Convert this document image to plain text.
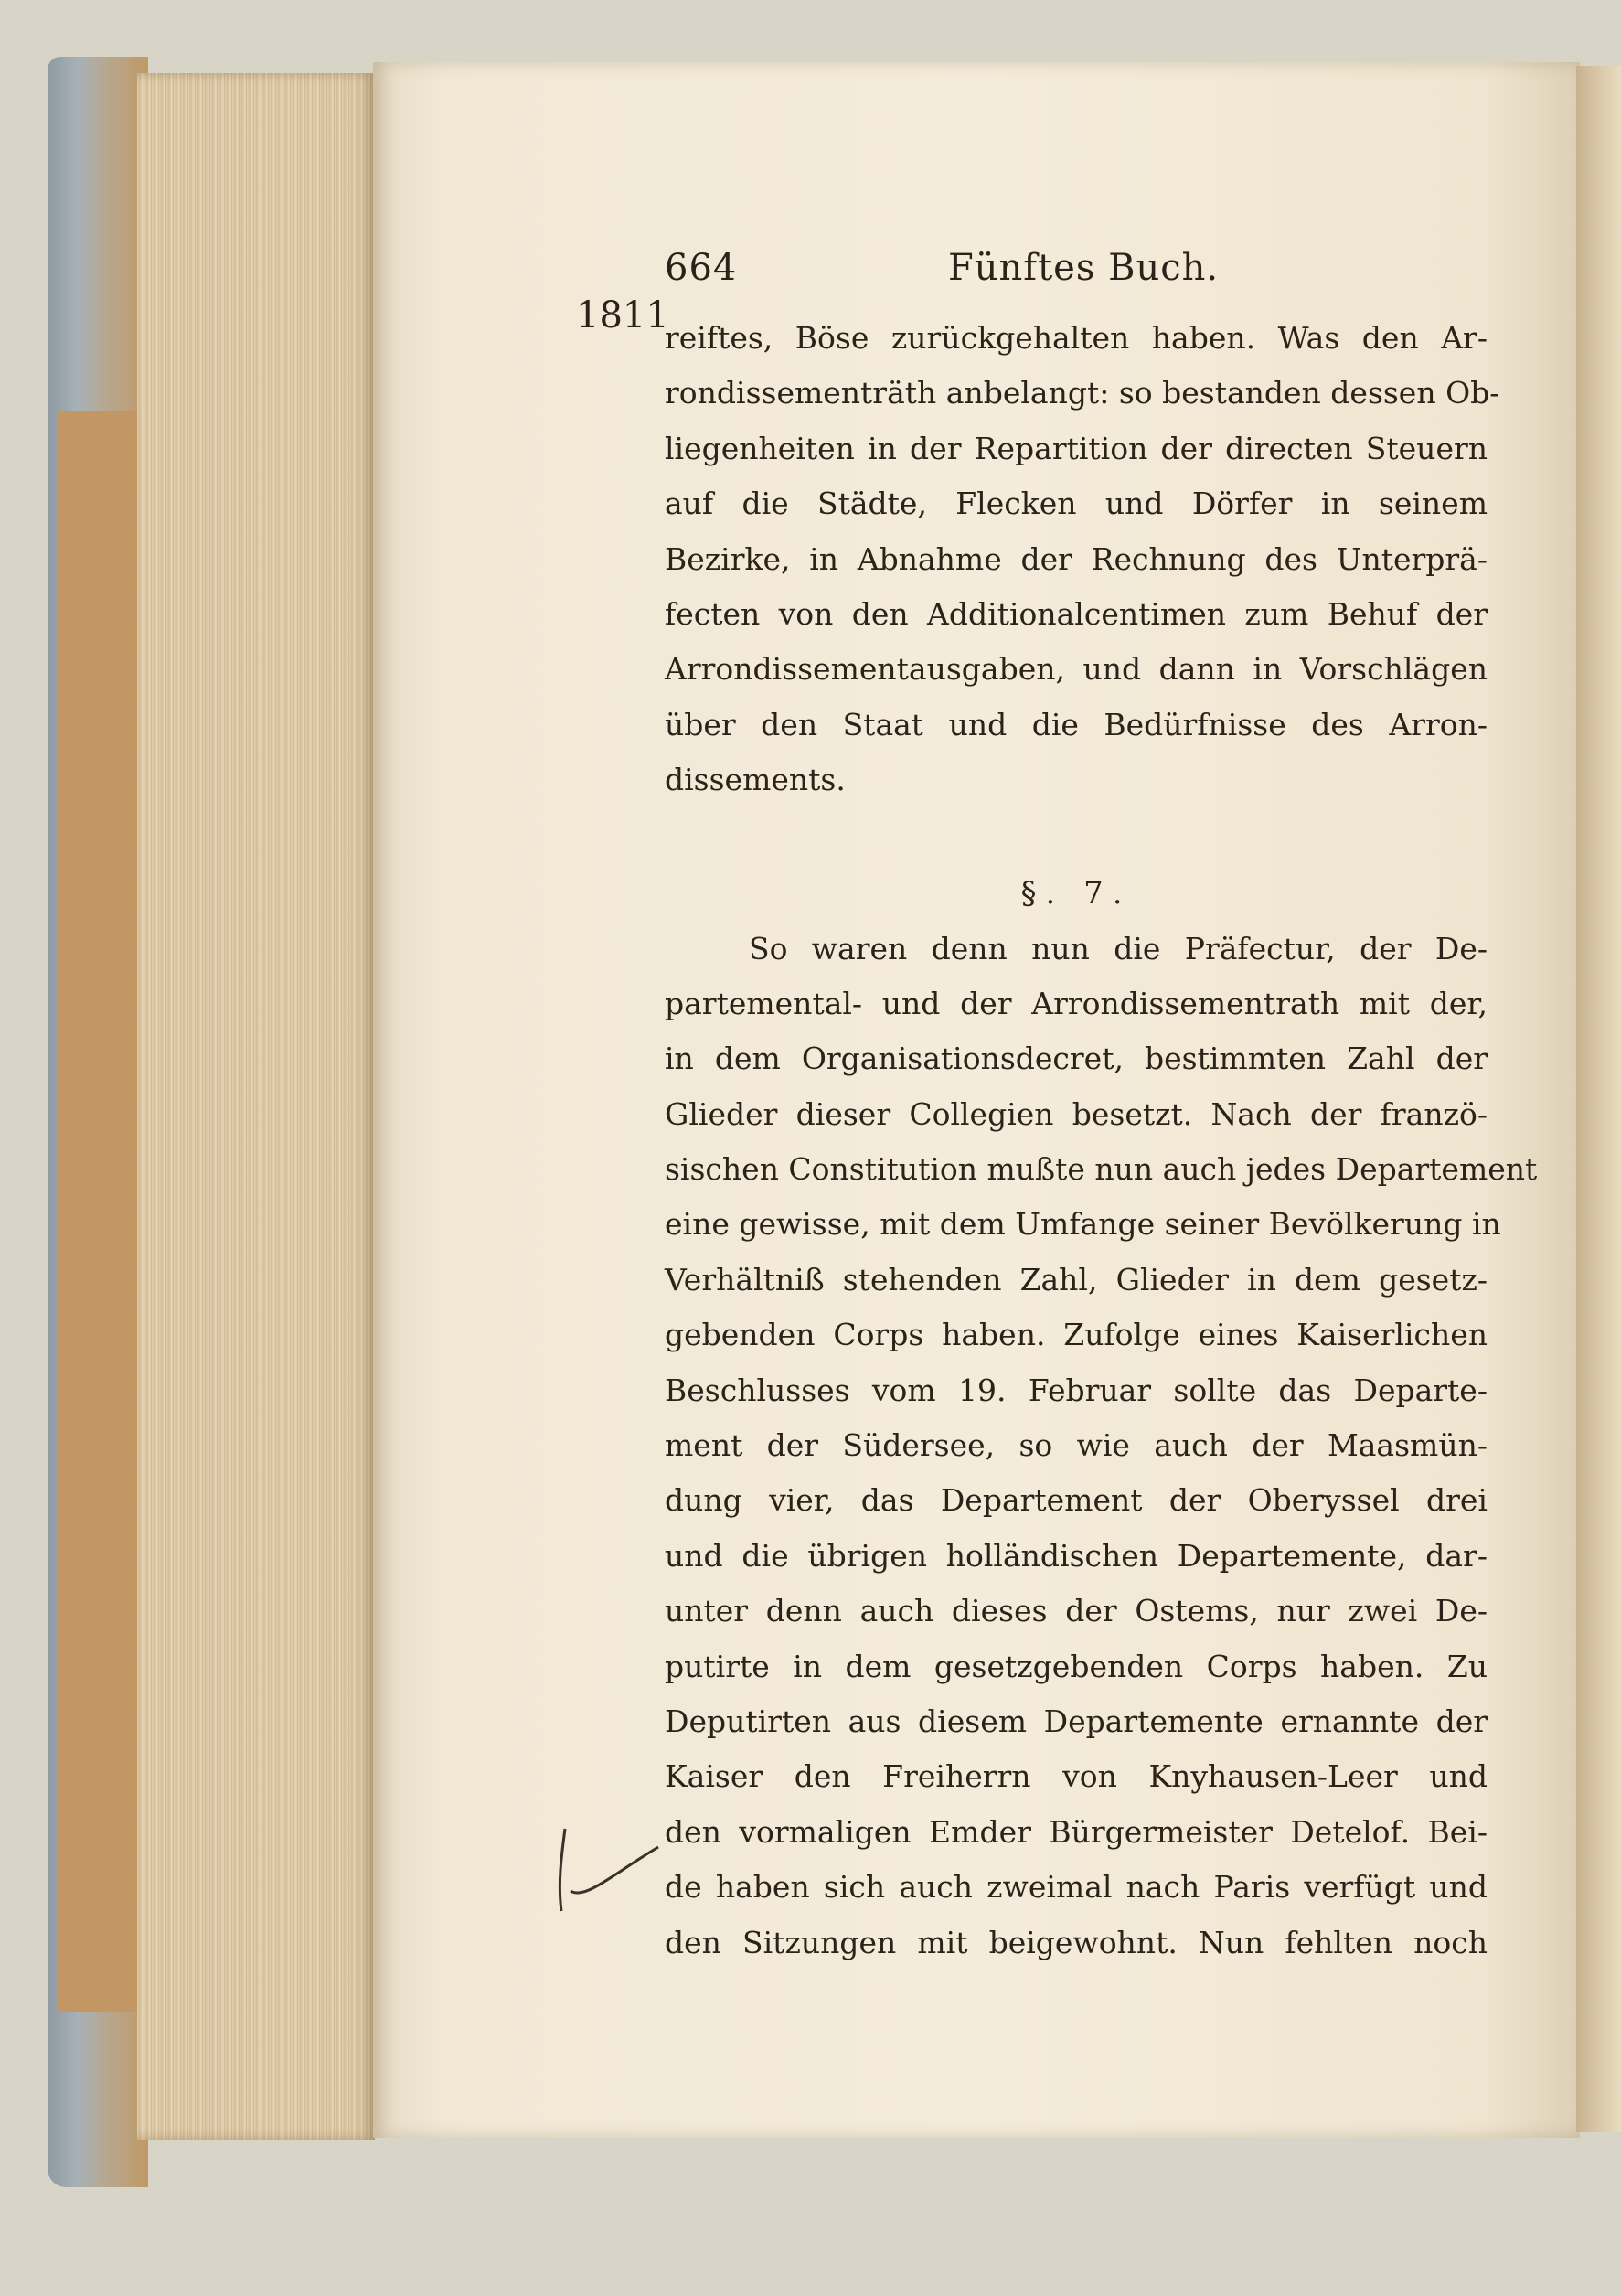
1811
664	Fünftes Buch.
reiftes, Böse zurückgehalten haben. Was den Ar-
rondissementräth anbelangt: so bestanden dessen Ob-
liegenheiten in der Repartition der directen Steuern
auf die Städte, Flecken und Dörfer in seinem
Bezirke, in Abnahme der Rechnung des Unterprä-
fecten von den Additionalcentimen zum Behuf der
Arrondissementausgaben, und dann in Vorschlägen
über den Staat und die Bedürfnisse des Arron-
dissements.
§. 7.
So waren denn nun die Präfectur, der De-
partemental- und der Arrondissementrath mit der,
in dem Organisationsdecret, bestimmten Zahl der
Glieder dieser Collegien besetzt. Nach der franzö-
sischen Constitution mußte nun auch jedes Departement
eine gewisse, mit dem Umfange seiner Bevölkerung in
Verhältniß stehenden Zahl, Glieder in dem gesetz-
gebenden Corps haben. Zufolge eines Kaiserlichen
Beschlusses vom 19. Februar sollte das Departe-
ment der Südersee, so wie auch der Maasmün-
dung vier, das Departement der Oberyssel drei
und die übrigen holländischen Departemente, dar-
unter denn auch dieses der Ostems, nur zwei De-
putirte in dem gesetzgebenden Corps haben. Zu
Deputirten aus diesem Departemente ernannte der
Kaiser den Freiherrn von Knyhausen-Leer und
den vormaligen Emder Bürgermeister Detelof. Bei-
de haben sich auch zweimal nach Paris verfügt und
den Sitzungen mit beigewohnt. Nun fehlten noch
